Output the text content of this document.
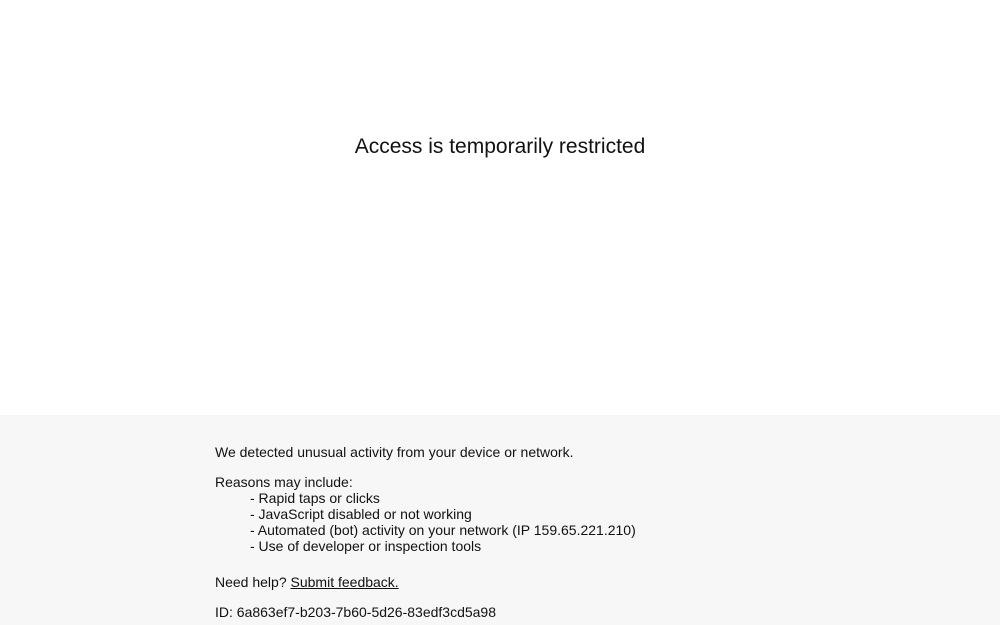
Access is temporarily restricted

We detected unusual activity from your device or network.

Reasons may include:

- Rapid taps or clicks
- JavaScript disabled or not working
- Automated (bot) activity on your network (IP 159.65.221.210)
- Use of developer or inspection tools

Need help? Submit feedback.

ID: 6a863ef7-b203-7b60-5d26-83edf3cd5a98
